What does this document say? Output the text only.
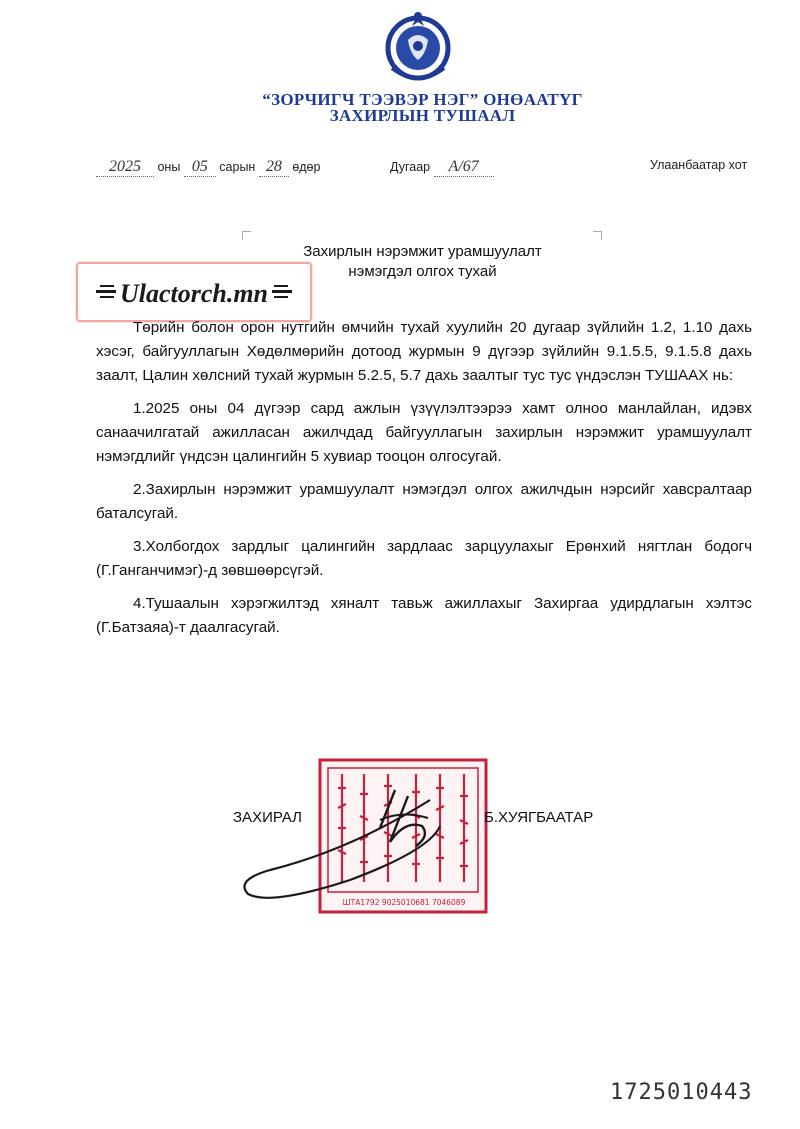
“ЗОРЧИГЧ ТЭЭВЭР НЭГ” ОНӨААТҮГ
ЗАХИРЛЫН ТУШААЛ
2025 оны 05 сарын 28 өдөр	Дугаар А/67	Улаанбаатар хот
Захирлын нэрэмжит урамшуулалт
нэмэгдэл олгох тухай
Ulactorch.mn

Төрийн болон орон нутгийн өмчийн тухай хуулийн 20 дугаар зүйлийн 1.2, 1.10 дахь хэсэг, байгууллагын Хөдөлмөрийн дотоод журмын 9 дүгээр зүйлийн 9.1.5.5, 9.1.5.8 дахь заалт, Цалин хөлсний тухай журмын 5.2.5, 5.7 дахь заалтыг тус тус үндэслэн ТУШААХ нь:

1.2025 оны 04 дүгээр сард ажлын үзүүлэлтээрээ хамт олноо манлайлан, идэвх санаачилгатай ажилласан ажилчдад байгууллагын захирлын нэрэмжит урамшуулалт нэмэгдлийг үндсэн цалингийн 5 хувиар тооцон олгосугай.

2.Захирлын нэрэмжит урамшуулалт нэмэгдэл олгох ажилчдын нэрсийг хавсралтаар баталсугай.

3.Холбогдох зардлыг цалингийн зардлаас зарцуулахыг Ерөнхий нягтлан бодогч (Г.Ганганчимэг)-д зөвшөөрсүгэй.

4.Тушаалын хэрэгжилтэд хяналт тавьж ажиллахыг Захиргаа удирдлагын хэлтэс (Г.Батзаяа)-т даалгасугай.

ШТА1792 9025010681 7046089
ЗАХИРАЛ	Б.ХУЯГБААТАР
1725010443
